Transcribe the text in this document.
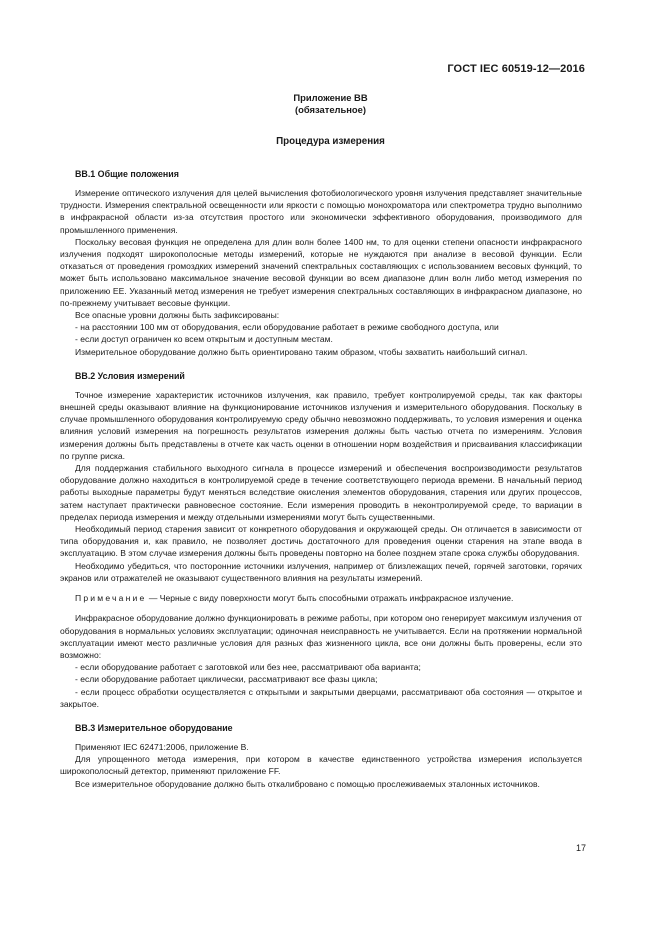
ГОСТ IEC 60519-12—2016
Приложение ВВ
(обязательное)
Процедура измерения
ВВ.1 Общие положения

Измерение оптического излучения для целей вычисления фотобиологического уровня излучения представляет значительные трудности. Измерения спектральной освещенности или яркости с помощью монохроматора или спектрометра трудно выполнимо в инфракрасной области из-за отсутствия простого или экономически эффективного оборудования, производимого для промышленного применения.

Поскольку весовая функция не определена для длин волн более 1400 нм, то для оценки степени опасности инфракрасного излучения подходят широкополосные методы измерений, которые не нуждаются при анализе в весовой функции. Если отказаться от проведения громоздких измерений значений спектральных составляющих с использованием весовых функций, то может быть использовано максимальное значение весовой функции во всем диапазоне длин волн либо метод измерения по приложению ЕЕ. Указанный метод измерения не требует измерения спектральных составляющих в инфракрасном диапазоне, но по-прежнему учитывает весовые функции.

Все опасные уровни должны быть зафиксированы:

- на расстоянии 100 мм от оборудования, если оборудование работает в режиме свободного доступа, или

- если доступ ограничен ко всем открытым и доступным местам.

Измерительное оборудование должно быть ориентировано таким образом, чтобы захватить наибольший сигнал.

ВВ.2 Условия измерений

Точное измерение характеристик источников излучения, как правило, требует контролируемой среды, так как факторы внешней среды оказывают влияние на функционирование источников излучения и измерительного оборудования. Поскольку в случае промышленного оборудования контролируемую среду обычно невозможно поддерживать, то условия измерения и оценка влияния условий измерения на погрешность результатов измерения должны быть частью отчета по измерениям. Условия измерения должны быть представлены в отчете как часть оценки в отношении норм воздействия и присваивания классификации по группе риска.

Для поддержания стабильного выходного сигнала в процессе измерений и обеспечения воспроизводимости результатов оборудование должно находиться в контролируемой среде в течение соответствующего периода времени. В начальный период работы выходные параметры будут меняться вследствие окисления элементов оборудования, старения или других процессов, затем наступает практически равновесное состояние. Если измерения проводить в неконтролируемой среде, то вариации в пределах периода измерения и между отдельными измерениями могут быть существенными.

Необходимый период старения зависит от конкретного оборудования и окружающей среды. Он отличается в зависимости от типа оборудования и, как правило, не позволяет достичь достаточного для проведения оценки старения на этапе ввода в эксплуатацию. В этом случае измерения должны быть проведены повторно на более позднем этапе срока службы оборудования.

Необходимо убедиться, что посторонние источники излучения, например от близлежащих печей, горячей заготовки, горячих экранов или отражателей не оказывают существенного влияния на результаты измерений.

Примечание — Черные с виду поверхности могут быть способными отражать инфракрасное излучение.

Инфракрасное оборудование должно функционировать в режиме работы, при котором оно генерирует максимум излучения от оборудования в нормальных условиях эксплуатации; одиночная неисправность не учитывается. Если на протяжении нормальной эксплуатации имеют место различные условия для разных фаз жизненного цикла, все они должны быть проверены, если это возможно:

- если оборудование работает с заготовкой или без нее, рассматривают оба варианта;

- если оборудование работает циклически, рассматривают все фазы цикла;

- если процесс обработки осуществляется с открытыми и закрытыми дверцами, рассматривают оба состояния — открытое и закрытое.

ВВ.3 Измерительное оборудование

Применяют IEC 62471:2006, приложение В.

Для упрощенного метода измерения, при котором в качестве единственного устройства измерения используется широкополосный детектор, применяют приложение FF.

Все измерительное оборудование должно быть откалибровано с помощью прослеживаемых эталонных источников.

17
